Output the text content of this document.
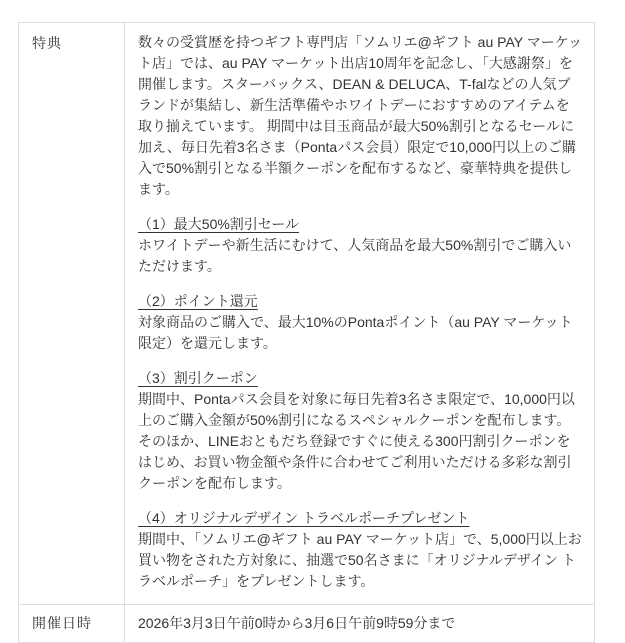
特典	数々の受賞歴を持つギフト専門店「ソムリエ@ギフト au PAY マーケット店」では、au PAY マーケット出店10周年を記念し、「大感謝祭」を開催します。スターバックス、DEAN & DELUCA、T-falなどの人気ブランドが集結し、新生活準備やホワイトデーにおすすめのアイテムを取り揃えています。 期間中は目玉商品が最大50%割引となるセールに加え、毎日先着3名さま（Pontaパス会員）限定で10,000円以上のご購入で50%割引となる半額クーポンを配布するなど、豪華特典を提供します。

（1）最大50%割引セール

ホワイトデーや新生活にむけて、人気商品を最大50%割引でご購入いただけます。

（2）ポイント還元

対象商品のご購入で、最大10%のPontaポイント（au PAY マーケット限定）を還元します。

（3）割引クーポン

期間中、Pontaパス会員を対象に毎日先着3名さま限定で、10,000円以上のご購入金額が50%割引になるスペシャルクーポンを配布します。
そのほか、LINEおともだち登録ですぐに使える300円割引クーポンをはじめ、お買い物金額や条件に合わせてご利用いただける多彩な割引クーポンを配布します。

（4）オリジナルデザイン トラベルポーチプレゼント

期間中、「ソムリエ@ギフト au PAY マーケット店」で、5,000円以上お買い物をされた方対象に、抽選で50名さまに「オリジナルデザイン トラベルポーチ」をプレゼントします。

開催日時	2026年3月3日午前0時から3月6日午前9時59分まで
